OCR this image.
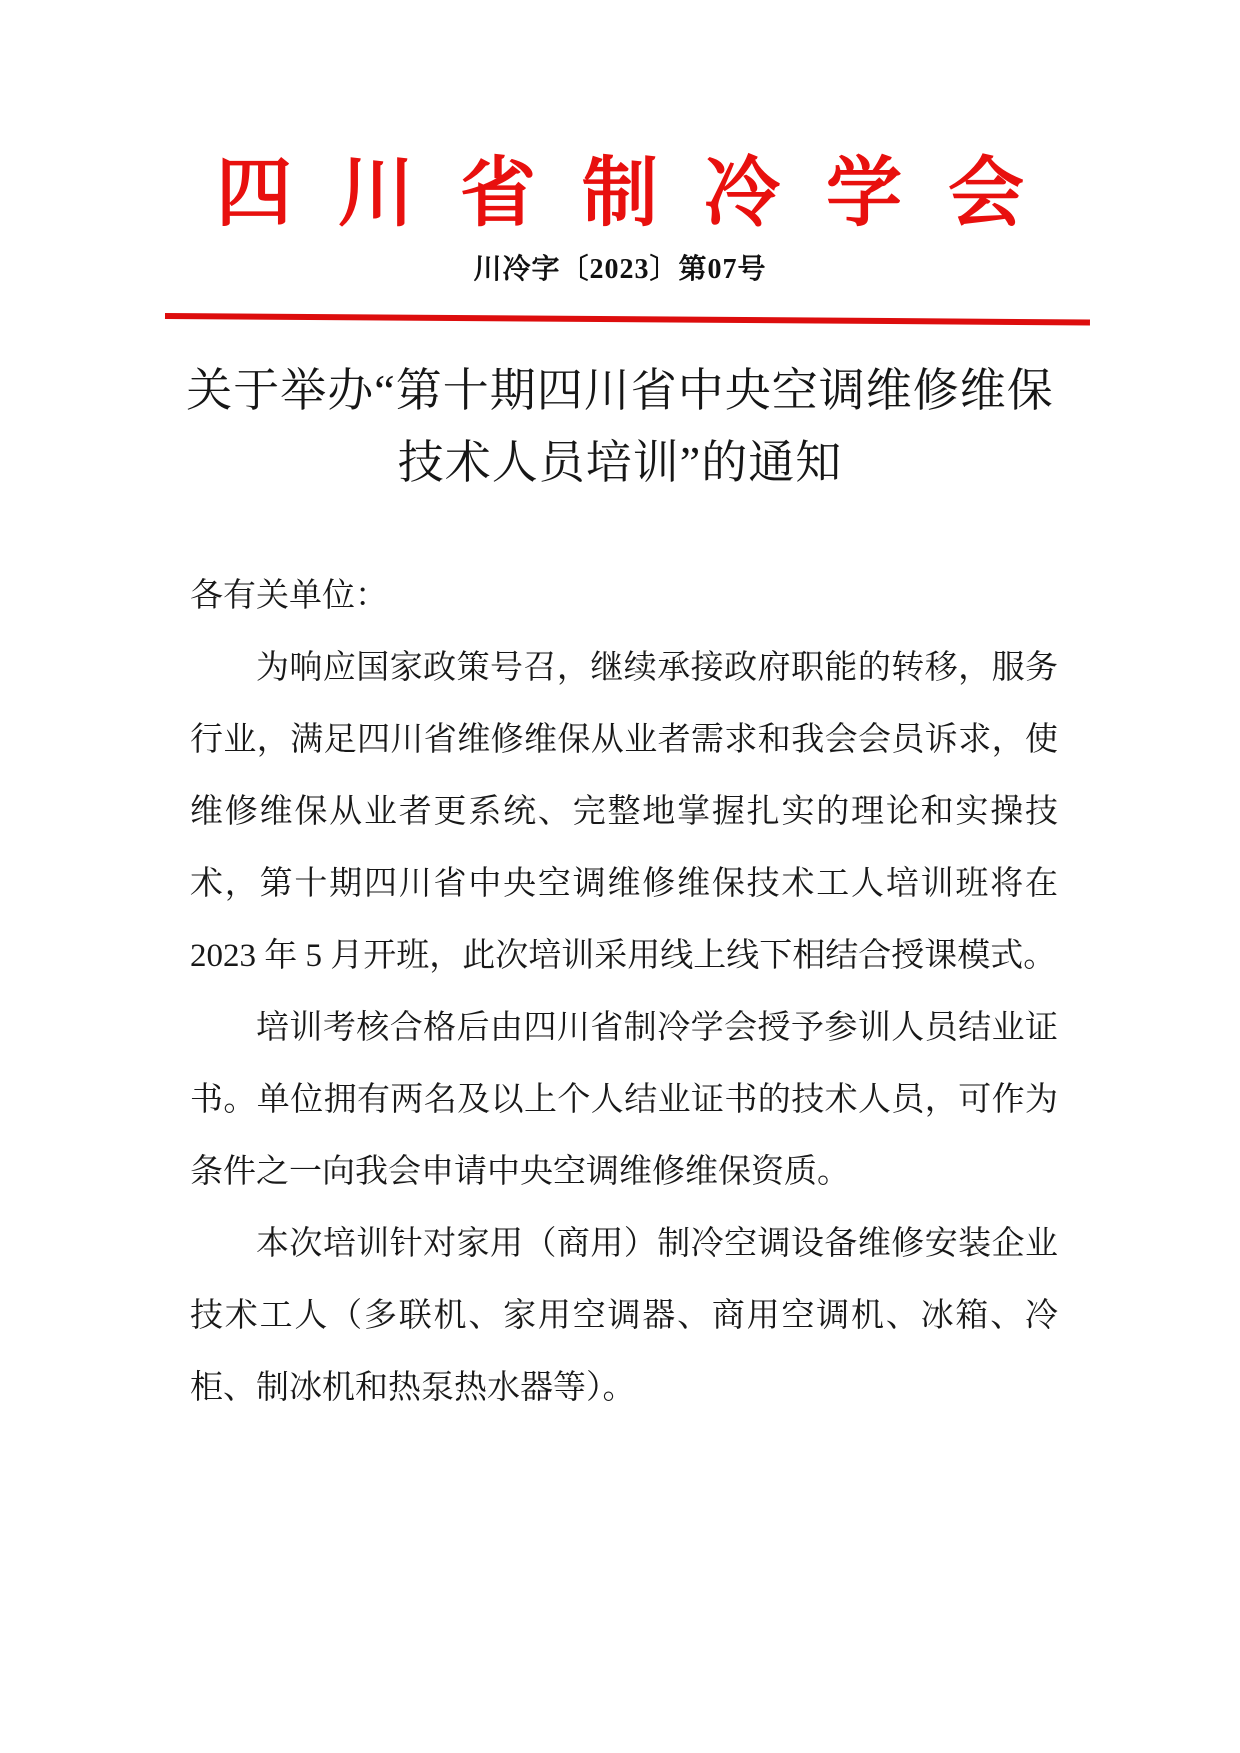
四川省制冷学会
川冷字〔2023〕第07号
关于举办“第十期四川省中央空调维修维保
技术人员培训”的通知

各有关单位：

为响应国家政策号召，继续承接政府职能的转移，服务行业，满足四川省维修维保从业者需求和我会会员诉求，使维修维保从业者更系统、完整地掌握扎实的理论和实操技术，第十期四川省中央空调维修维保技术工人培训班将在 2023 年 5 月开班，此次培训采用线上线下相结合授课模式。

培训考核合格后由四川省制冷学会授予参训人员结业证书。单位拥有两名及以上个人结业证书的技术人员，可作为条件之一向我会申请中央空调维修维保资质。

本次培训针对家用（商用）制冷空调设备维修安装企业技术工人（多联机、家用空调器、商用空调机、冰箱、冷柜、制冰机和热泵热水器等）。
